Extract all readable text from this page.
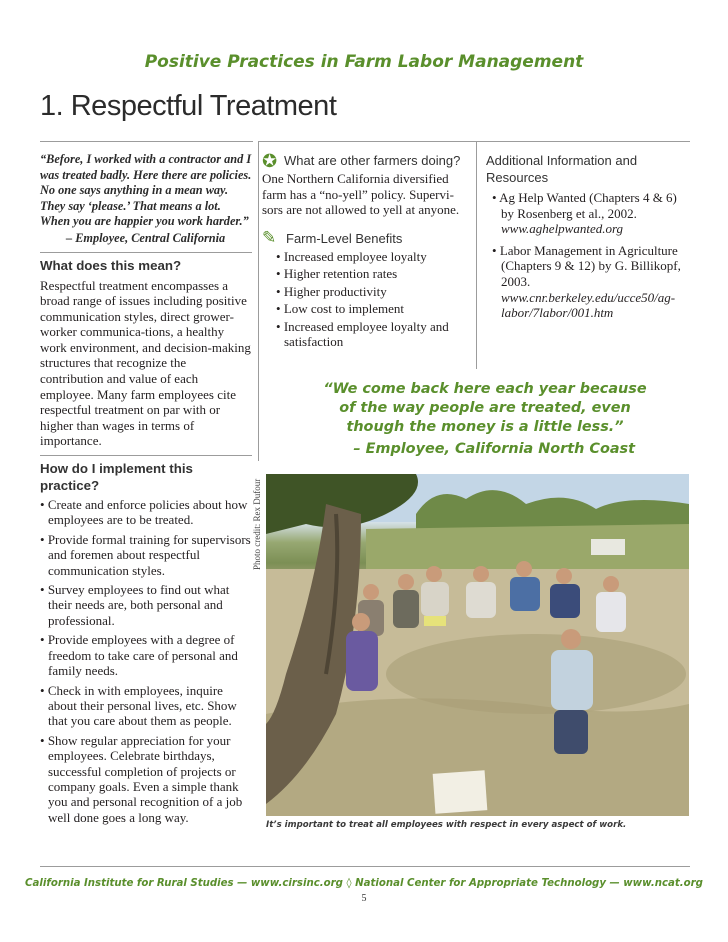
Positive Practices in Farm Labor Management
1. Respectful Treatment

“Before, I worked with a contractor and I was treated badly. Here there are policies. No one says anything in a mean way. They say ‘please.’ That means a lot. When you are happier you work harder.”

– Employee, Central California

What does this mean?

Respectful treatment encompasses a broad range of issues including positive communication styles, direct grower-worker communica-tions, a healthy work environment, and decision-making structures that recognize the contribution and value of each employee. Many farm employees cite respectful treatment on par with or higher than wages in terms of importance.

How do I implement this practice?
• Create and enforce policies about how employees are to be treated.
• Provide formal training for supervisors and foremen about respectful communication styles.
• Survey employees to find out what their needs are, both personal and professional.
• Provide employees with a degree of freedom to take care of personal and family needs.
• Check in with employees, inquire about their personal lives, etc. Show that you care about them as people.
• Show regular appreciation for your employees. Celebrate birthdays, successful completion of projects or company goals. Even a simple thank you and personal recognition of a job well done goes a long way.
✪ What are other farmers doing?

One Northern California diversified farm has a “no-yell” policy. Supervi-sors are not allowed to yell at anyone.

✎ Farm-Level Benefits
• Increased employee loyalty
• Higher retention rates
• Higher productivity
• Low cost to implement
• Increased employee loyalty and satisfaction
Additional Information and Resources
• Ag Help Wanted (Chapters 4 & 6) by Rosenberg et al., 2002. www.aghelpwanted.org
• Labor Management in Agriculture (Chapters 9 & 12) by G. Billikopf, 2003. www.cnr.berkeley.edu/ucce50/ag-labor/7labor/001.htm
“We come back here each year because of the way people are treated, even though the money is a little less.”
– Employee, California North Coast
Photo credit: Rex Dufour
It’s important to treat all employees with respect in every aspect of work.
California Institute for Rural Studies — www.cirsinc.org ◊ National Center for Appropriate Technology — www.ncat.org
5
